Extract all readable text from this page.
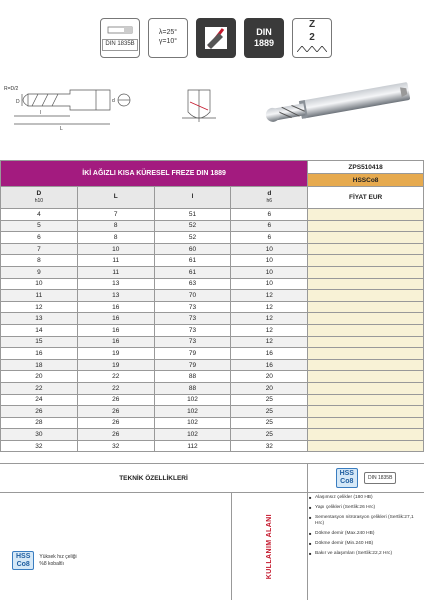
DIN 1835B
λ=25°
γ=10°
DIN
1889
Z
2
R=D/2
D	d
l
L
İKİ AĞIZLI KISA KÜRESEL FREZE DIN 1889				ZPS510418
				HSSCo8
D
h10	L	l	d
h6	FİYAT EUR
4	7	51	6	
5	8	52	6	
6	8	52	6	
7	10	60	10	
8	11	61	10	
9	11	61	10	
10	13	63	10	
11	13	70	12	
12	16	73	12	
13	16	73	12	
14	16	73	12	
15	16	73	12	
16	19	79	16	
18	19	79	16	
20	22	88	20	
22	22	88	20	
24	26	102	25	
26	26	102	25	
28	26	102	25	
30	26	102	25	
32	32	112	32	
TEKNİK ÖZELLİKLERİ
HSS
Co8	DIN 1835B
HSS
Co8
Yüksek hız çeliği
%8 kobaltlı	KULLANIM ALANI
■ Alaşımsız çelikler (180 HB)
■ Yapı çelikleri (Sertlik:26 Hrc)
■ Sementasyon nitrürasyon çelikleri (Sertlik:27,1 Hrc)
■ Dökme demir (Max.240 HB)
■ Dökme demir (Min.240 HB)
■ Bakır ve alaşımları (Sertlik:22,2 Hrc)
